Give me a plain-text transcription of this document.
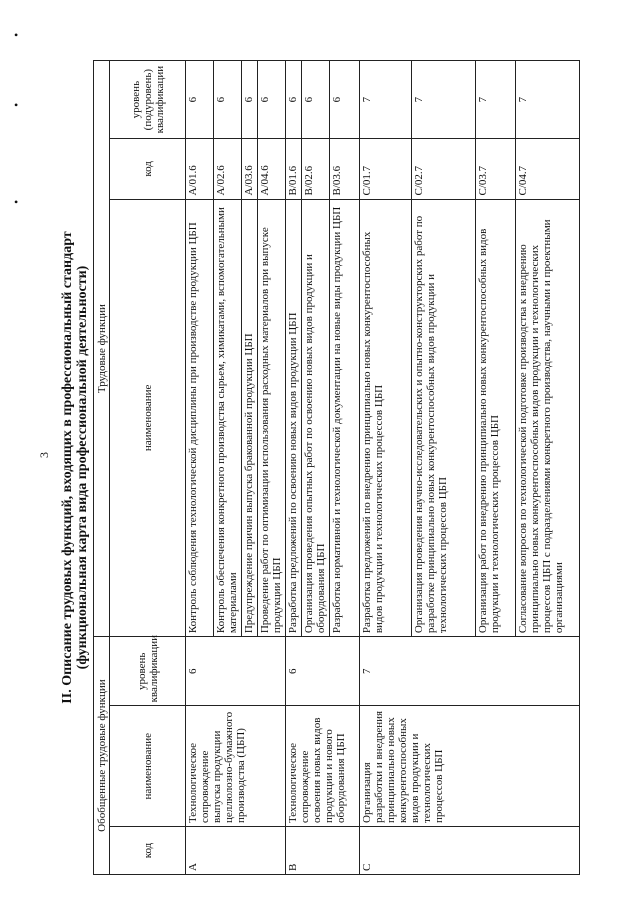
•
•
•
3 II. Описание трудовых функций, входящих в профессиональный стандарт (функциональная карта вида профессиональной деятельности)
Обобщенные трудовые функции			Трудовые функции		
код	наименование	уровень квалификации	наименование	код	уровень (подуровень) квалификации
A	Технологическое сопровождение выпуска продукции целлюлозно-бумажного производства (ЦБП)	6	Контроль соблюдения технологической дисциплины при производстве продукции ЦБП	A/01.6	6
			Контроль обеспечения конкретного производства сырьем, химикатами, вспомогательными материалами	A/02.6	6
			Предупреждение причин выпуска бракованной продукции ЦБП	A/03.6	6
			Проведение работ по оптимизации использования расходных материалов при выпуске продукции ЦБП	A/04.6	6
B	Технологическое сопровождение освоения новых видов продукции и нового оборудования ЦБП	6	Разработка предложений по освоению новых видов продукции ЦБП	B/01.6	6
			Организация проведения опытных работ по освоению новых видов продукции и оборудования ЦБП	B/02.6	6
			Разработка нормативной и технологической документации на новые виды продукции ЦБП	B/03.6	6
C	Организация разработки и внедрения принципиально новых конкурентоспособных видов продукции и технологических процессов ЦБП	7	Разработка предложений по внедрению принципиально новых конкурентоспособных видов продукции и технологических процессов ЦБП	C/01.7	7
			Организация проведения научно-исследовательских и опытно-конструкторских работ по разработке принципиально новых конкурентоспособных видов продукции и технологических процессов ЦБП	C/02.7	7
			Организация работ по внедрению принципиально новых конкурентоспособных видов продукции и технологических процессов ЦБП	C/03.7	7
			Согласование вопросов по технологической подготовке производства к внедрению принципиально новых конкурентоспособных видов продукции и технологических процессов ЦБП с подразделениями конкретного производства, научными и проектными организациями	C/04.7	7
